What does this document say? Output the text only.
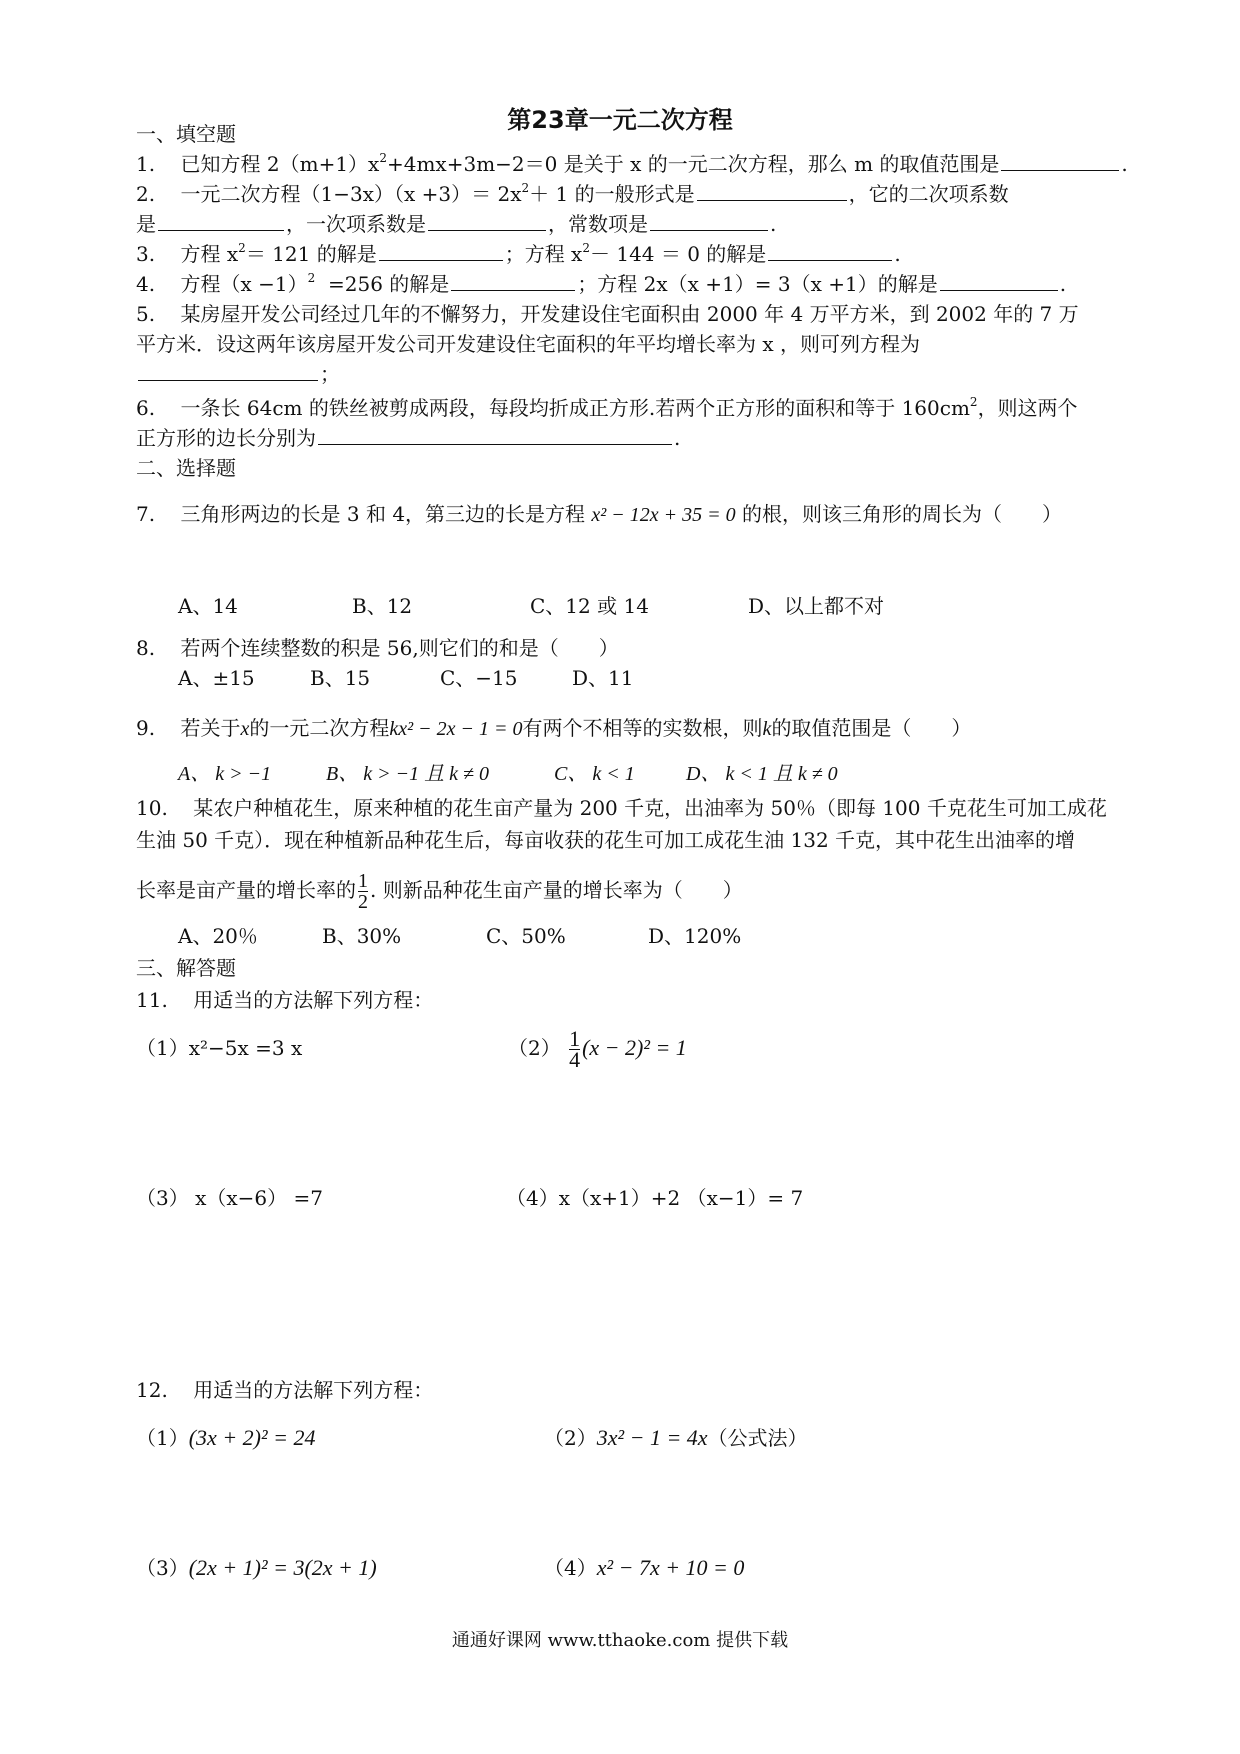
第23章一元二次方程
一、填空题
1. 已知方程 $2(m+1)x^2+4mx+3m-2=0$ 是关于 x 的一元二次方程，那么 m 的取值范围是	.
2. 一元二次方程$(1-3x)(x +3)= 2x^2+ 1$ 的一般形式是	，它的二次项系数
是	，一次项系数是	，常数项是	.
3. 方程 $x^2= 121$ 的解是	；方程 $x^2- 144 = 0$ 的解是	.
4. 方程$(x -1)^2 =256$ 的解是	；方程 2x（x +1）= 3（x +1）的解是	.
5. 某房屋开发公司经过几年的不懈努力，开发建设住宅面积由 2000 年 4 万平方米，到 2002 年的 7 万
平方米．设这两年该房屋开发公司开发建设住宅面积的年平均增长率为 x ，则可列方程为
；
6. 一条长 64cm 的铁丝被剪成两段，每段均折成正方形.若两个正方形的面积和等于 $160cm^2$，则这两个
正方形的边长分别为	.
二、选择题
7. 三角形两边的长是 3 和 4，第三边的长是方程 x² − 12x + 35 = 0 的根，则该三角形的周长为（　　）
A、14	B、12	C、12 或 14	D、以上都不对
8. 若两个连续整数的积是 56,则它们的和是（　　）
A、±15	B、15	C、−15	D、11
9. 若关于x的一元二次方程kx² − 2x − 1 = 0有两个不相等的实数根，则k的取值范围是（　　）
A、 k > −1	B、 k > −1 且 k ≠ 0	C、 k < 1	D、 k < 1 且 k ≠ 0
10. 某农户种植花生，原来种植的花生亩产量为 200 千克，出油率为 50％（即每 100 千克花生可加工成花
生油 50 千克）．现在种植新品种花生后，每亩收获的花生可加工成花生油 132 千克，其中花生出油率的增
长率是亩产量的增长率的 $\frac{1}{2}$ . 则新品种花生亩产量的增长率为（　　）
A、20％	B、30%	C、50%	D、120%
三、解答题
11. 用适当的方法解下列方程：
（1）x²−5x =3 x	$(2) \frac{1}{4} (x - 2)^2 = 1$
（3） x（x−6） =7	（4）x（x+1）+2 （x−1）= 7
12. 用适当的方法解下列方程：
（1）(3x + 2)² = 24	（2）3x² − 1 = 4x（公式法）
（3）(2x + 1)² = 3(2x + 1)	（4）x² − 7x + 10 = 0
通通好课网 www.tthaoke.com 提供下载
